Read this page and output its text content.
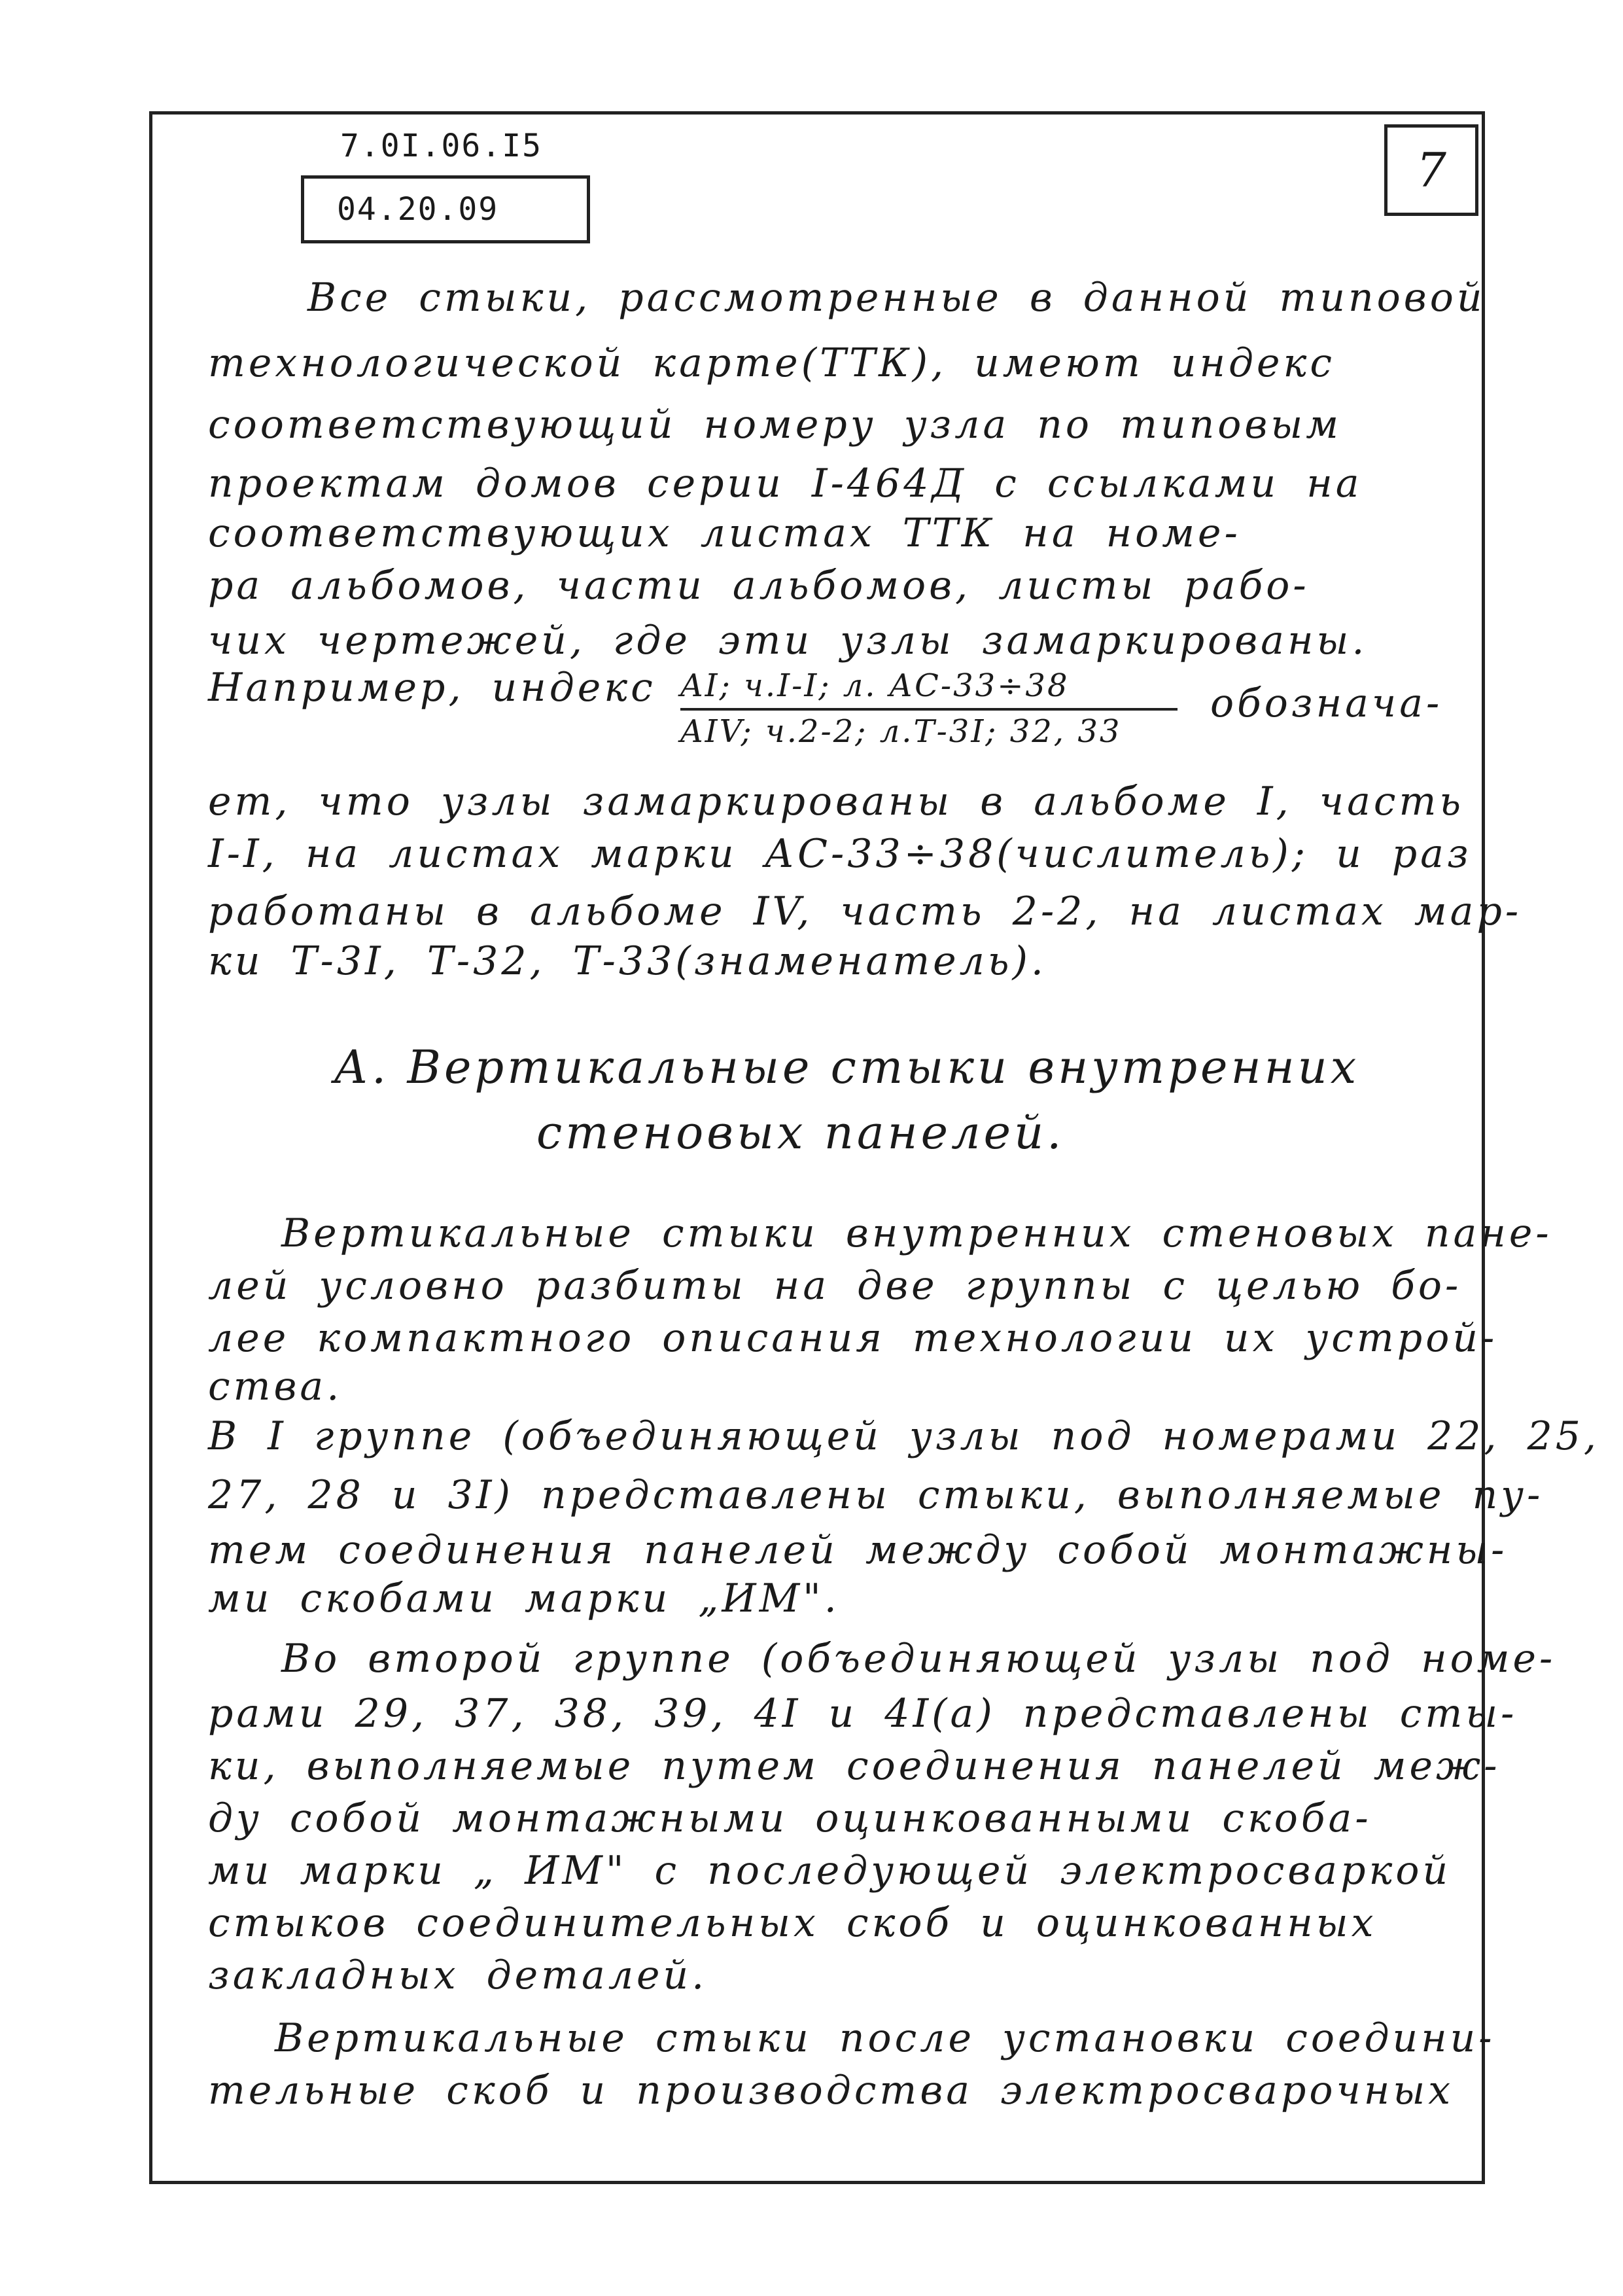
7.0I.06.I5
04.20.09
7

Все стыки, рассмотренные в данной типовой

технологической карте(ТТК), имеют индекс

соответствующий номеру узла по типовым

проектам домов серии I-464Д с ссылками на

соответствующих листах ТТК на номе-

ра альбомов, части альбомов, листы рабо-

чих чертежей, где эти узлы замаркированы.

Например, индекс AI; ч.I-I; л. АС-33÷38
AIV; ч.2-2; л.Т-3I; 32, 33

обознача-

ет, что узлы замаркированы в альбоме I, часть

I-I, на листах марки АС-33÷38(числитель); и раз

работаны в альбоме IV, часть 2-2, на листах мар-

ки Т-3I, Т-32, Т-33(знаменатель).

А. Вертикальные стыки внутренних

стеновых панелей.

Вертикальные стыки внутренних стеновых пане-

лей условно разбиты на две группы с целью бо-

лее компактного описания технологии их устрой-

ства.

В I группе (объединяющей узлы под номерами 22, 25,

27, 28 и 3I) представлены стыки, выполняемые пу-

тем соединения панелей между собой монтажны-

ми скобами марки „ИМ".

Во второй группе (объединяющей узлы под номе-

рами 29, 37, 38, 39, 4I и 4I(а) представлены сты-

ки, выполняемые путем соединения панелей меж-

ду собой монтажными оцинкованными скоба-

ми марки „ ИМ" с последующей электросваркой

стыков соединительных скоб и оцинкованных

закладных деталей.

Вертикальные стыки после установки соедини-

тельные скоб и производства электросварочных
